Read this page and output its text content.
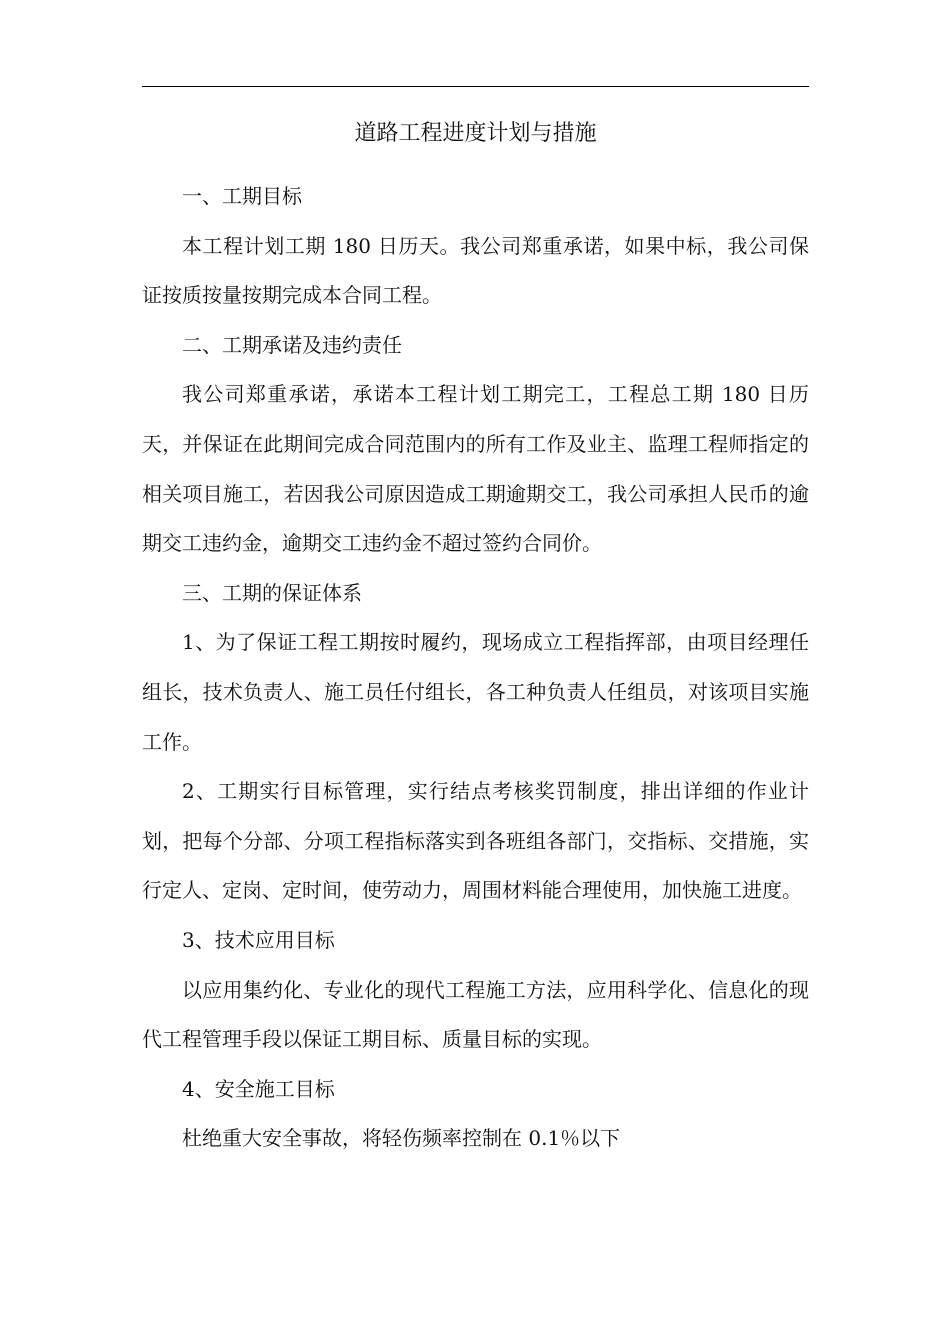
道路工程进度计划与措施

一、工期目标

本工程计划工期 180 日历天。我公司郑重承诺，如果中标，我公司保证按质按量按期完成本合同工程。

二、工期承诺及违约责任

我公司郑重承诺，承诺本工程计划工期完工，工程总工期 180 日历天，并保证在此期间完成合同范围内的所有工作及业主、监理工程师指定的相关项目施工，若因我公司原因造成工期逾期交工，我公司承担人民币的逾期交工违约金，逾期交工违约金不超过签约合同价。

三、工期的保证体系

1、为了保证工程工期按时履约，现场成立工程指挥部，由项目经理任组长，技术负责人、施工员任付组长，各工种负责人任组员，对该项目实施工作。

2、工期实行目标管理，实行结点考核奖罚制度，排出详细的作业计划，把每个分部、分项工程指标落实到各班组各部门，交指标、交措施，实行定人、定岗、定时间，使劳动力，周围材料能合理使用，加快施工进度。

3、技术应用目标

以应用集约化、专业化的现代工程施工方法，应用科学化、信息化的现代工程管理手段以保证工期目标、质量目标的实现。

4、安全施工目标

杜绝重大安全事故，将轻伤频率控制在 0.1％以下
